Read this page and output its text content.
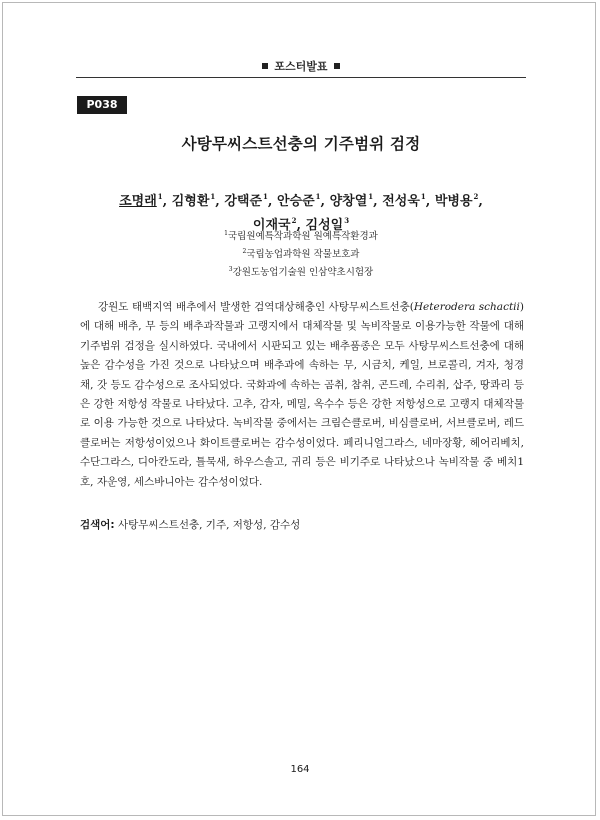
포스터발표
P038
사탕무씨스트선충의 기주범위 검정
조명래$^1$, 김형환$^1$, 강택준$^1$, 안승준$^1$, 양창열$^1$, 전성욱$^1$, 박병용$^2$,
이재국$^2$, 김성일$^3$
$^1$국립원예특작과학원 원예특작환경과
$^2$국립농업과학원 작물보호과
$^3$강원도농업기술원 인삼약초시험장
강원도 태백지역 배추에서 발생한 검역대상해충인 사탕무씨스트선충(Heterodera schactii)에 대해 배추, 무 등의 배추과작물과 고랭지에서 대체작물 및 녹비작물로 이용가능한 작물에 대해 기주범위 검정을 실시하였다. 국내에서 시판되고 있는 배추품종은 모두 사탕무씨스트선충에 대해 높은 감수성을 가진 것으로 나타났으며 배추과에 속하는 무, 시금치, 케일, 브로콜리, 겨자, 청경채, 갓 등도 감수성으로 조사되었다. 국화과에 속하는 곰취, 참취, 곤드레, 수리취, 삽주, 땅콰리 등은 강한 저항성 작물로 나타났다. 고추, 감자, 메밀, 옥수수 등은 강한 저항성으로 고랭지 대체작물로 이용 가능한 것으로 나타났다. 녹비작물 중에서는 크림슨클로버, 비심클로버, 서브클로버, 레드클로버는 저항성이었으나 화이트클로버는 감수성이었다. 페리니얼그라스, 네마장황, 헤어리베치, 수단그라스, 디아칸도라, 틀묵새, 하우스솔고, 귀리 등은 비기주로 나타났으나 녹비작물 중 베치1호, 자운영, 세스바니아는 감수성이었다.
검색어: 사탕무씨스트선충, 기주, 저항성, 감수성
164
